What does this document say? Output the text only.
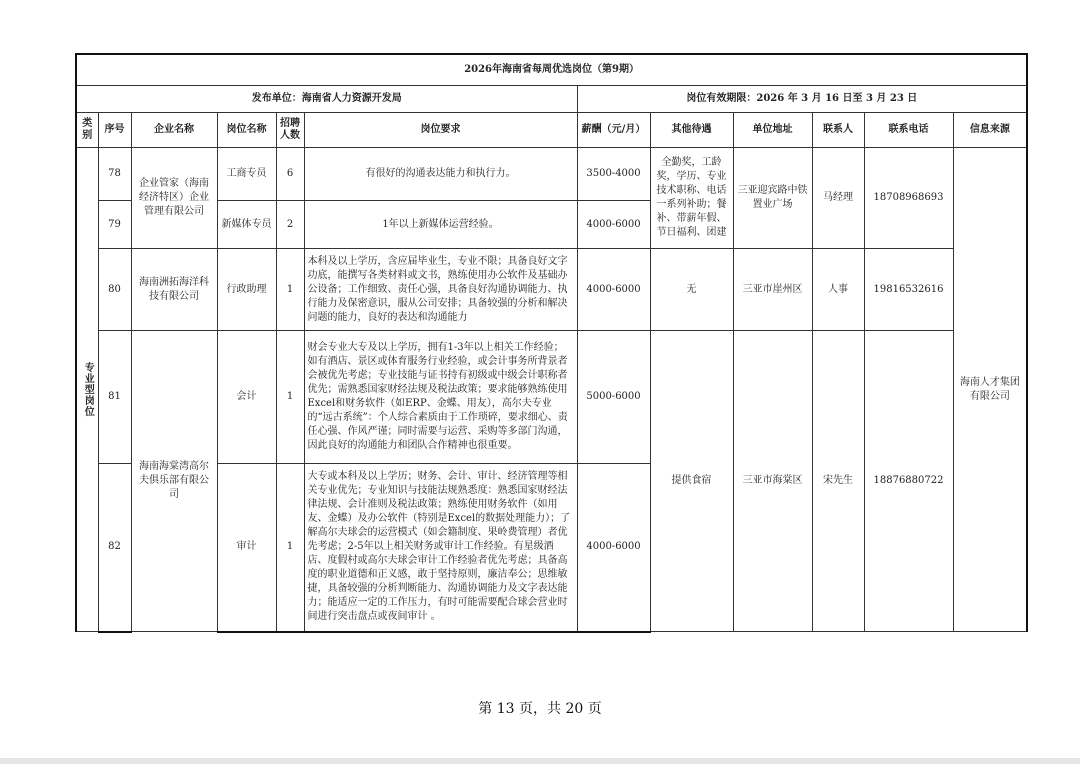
2026年海南省每周优选岗位（第9期）											
发布单位：海南省人力资源开发局						岗位有效期限：2026 年 3 月 16 日至 3 月 23 日					
类别	序号	企业名称	岗位名称	招聘人数	岗位要求	薪酬（元/月）	其他待遇	单位地址	联系人	联系电话	信息来源

专业型岗位	78	企业管家（海南经济特区）企业管理有限公司	工商专员	6	有很好的沟通表达能力和执行力。	3500-4000	全勤奖，工龄奖，学历、专业技术职称、电话一系列补助；餐补、带薪年假、节日福利、团建	三亚迎宾路中铁置业广场	马经理	18708968693	海南人才集团有限公司
	79		新媒体专员	2	1年以上新媒体运营经验。	4000-6000					
	80	海南洲拓海洋科技有限公司	行政助理	1	本科及以上学历，含应届毕业生，专业不限；具备良好文字功底，能撰写各类材料或文书，熟练使用办公软件及基础办公设备；工作细致、责任心强，具备良好沟通协调能力、执行能力及保密意识，服从公司安排；具备较强的分析和解决问题的能力，良好的表达和沟通能力	4000-6000	无	三亚市崖州区	人事	19816532616	
	81	海南海棠湾高尔夫俱乐部有限公司	会计	1	财会专业大专及以上学历，拥有1-3年以上相关工作经验；如有酒店、景区或体育服务行业经验，或会计事务所背景者会被优先考虑；专业技能与证书持有初级或中级会计职称者优先；需熟悉国家财经法规及税法政策；要求能够熟练使用Excel和财务软件（如ERP、金蝶、用友），高尔夫专业的“远古系统”：个人综合素质由于工作琐碎，要求细心、责任心强、作风严谨；同时需要与运营、采购等多部门沟通，因此良好的沟通能力和团队合作精神也很重要。	5000-6000	提供食宿	三亚市海棠区	宋先生	18876880722	
	82		审计	1	大专或本科及以上学历；财务、会计、审计、经济管理等相关专业优先；专业知识与技能法规熟悉度：熟悉国家财经法律法规、会计准则及税法政策；熟练使用财务软件（如用友、金蝶）及办公软件（特别是Excel的数据处理能力）；了解高尔夫球会的运营模式（如会籍制度、果岭费管理）者优先考虑；2-5年以上相关财务或审计工作经验。有星级酒店、度假村或高尔夫球会审计工作经验者优先考虑；具备高度的职业道德和正义感，敢于坚持原则，廉洁奉公；思维敏捷，具备较强的分析判断能力、沟通协调能力及文字表达能力；能适应一定的工作压力，有时可能需要配合球会营业时间进行突击盘点或夜间审计 。	4000-6000					
第 13 页，共 20 页
